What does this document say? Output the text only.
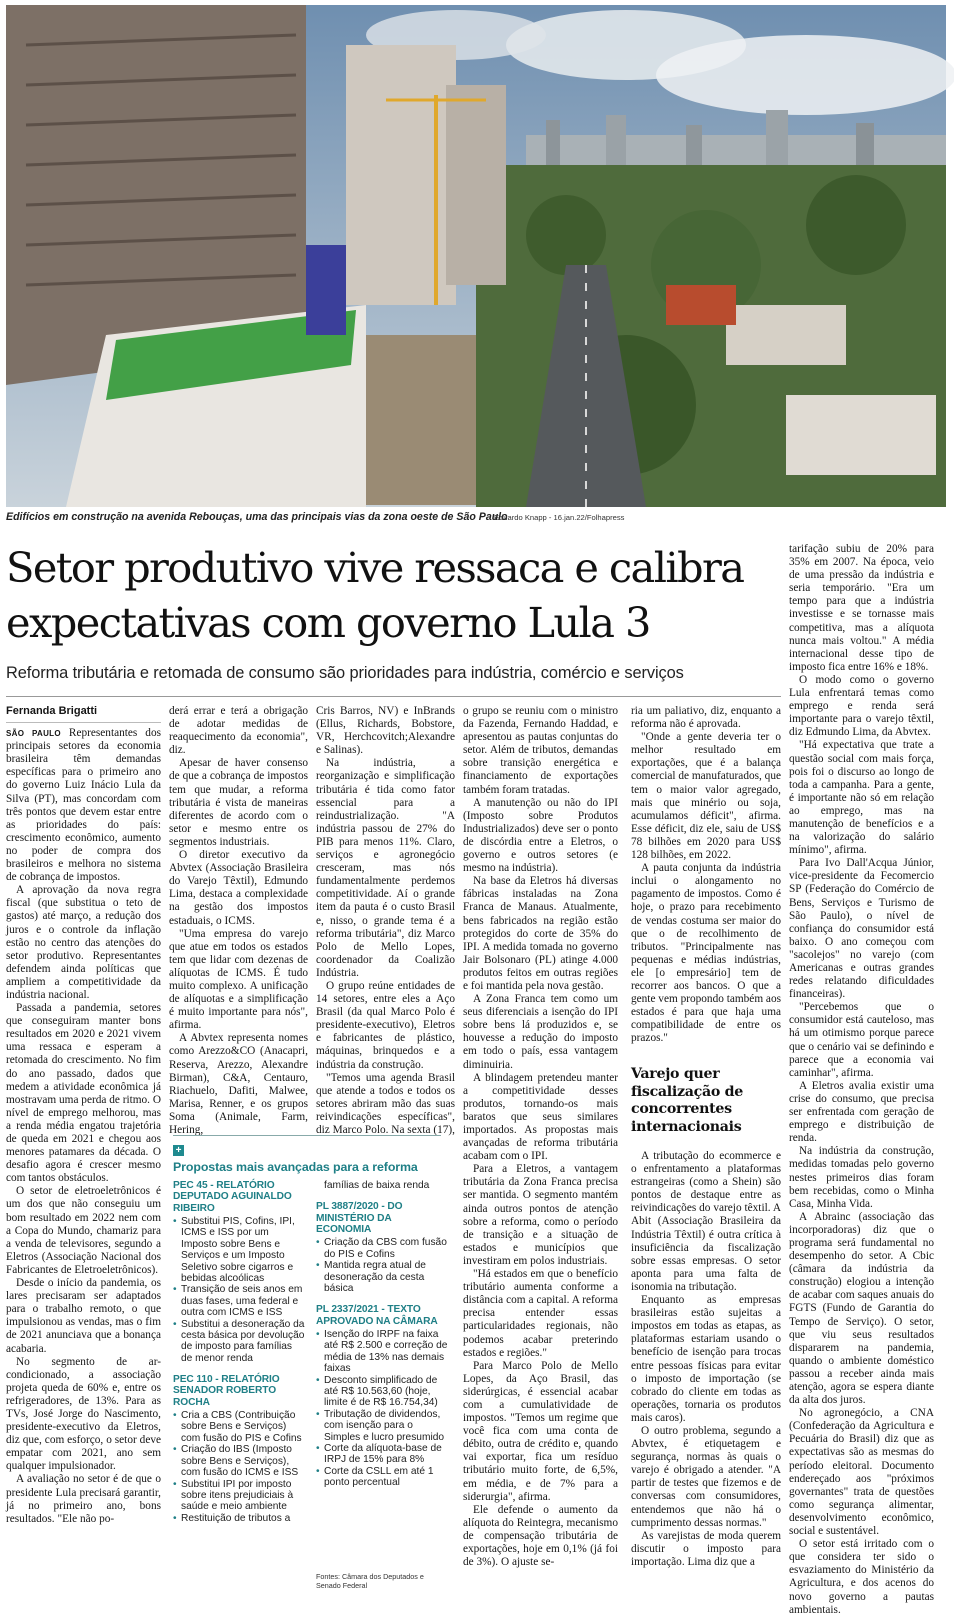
Edifícios em construção na avenida Rebouças, uma das principais vias da zona oeste de São Paulo
Eduardo Knapp - 16.jan.22/Folhapress
Setor produtivo vive ressaca e calibra
expectativas com governo Lula 3
Reforma tributária e retomada de consumo são prioridades para indústria, comércio e serviços
Fernanda Brigatti

SÃO PAULO Representantes dos principais setores da economia brasileira têm demandas específicas para o primeiro ano do governo Luiz Inácio Lula da Silva (PT), mas concordam com três pontos que devem estar entre as prioridades do país: crescimento econômico, aumento no poder de compra dos brasileiros e melhora no sistema de cobrança de impostos.

A aprovação da nova regra fiscal (que substitua o teto de gastos) até março, a redução dos juros e o controle da inflação estão no centro das atenções do setor produtivo. Representantes defendem ainda políticas que ampliem a competitividade da indústria nacional.

Passada a pandemia, setores que conseguiram manter bons resultados em 2020 e 2021 vivem uma ressaca e esperam a retomada do crescimento. No fim do ano passado, dados que medem a atividade econômica já mostravam uma perda de ritmo. O nível de emprego melhorou, mas a renda média engatou trajetória de queda em 2021 e chegou aos menores patamares da década. O desafio agora é crescer mesmo com tantos obstáculos.

O setor de eletroeletrônicos é um dos que não conseguiu um bom resultado em 2022 nem com a Copa do Mundo, chamariz para a venda de televisores, segundo a Eletros (Associação Nacional dos Fabricantes de Eletroeletrônicos).

Desde o início da pandemia, os lares precisaram ser adaptados para o trabalho remoto, o que impulsionou as vendas, mas o fim de 2021 anunciava que a bonança acabaria.

No segmento de ar-condicionado, a associação projeta queda de 60% e, entre os refrigeradores, de 13%. Para as TVs, José Jorge do Nascimento, presidente-executivo da Eletros, diz que, com esforço, o setor deve empatar com 2021, ano sem qualquer impulsionador.

A avaliação no setor é de que o presidente Lula precisará garantir, já no primeiro ano, bons resultados. "Ele não po-

derá errar e terá a obrigação de adotar medidas de reaquecimento da economia", diz.

Apesar de haver consenso de que a cobrança de impostos tem que mudar, a reforma tributária é vista de maneiras diferentes de acordo com o setor e mesmo entre os segmentos industriais.

O diretor executivo da Abvtex (Associação Brasileira do Varejo Têxtil), Edmundo Lima, destaca a complexidade na gestão dos impostos estaduais, o ICMS.

"Uma empresa do varejo que atue em todos os estados tem que lidar com dezenas de alíquotas de ICMS. É tudo muito complexo. A unificação de alíquotas e a simplificação é muito importante para nós", afirma.

A Abvtex representa nomes como Arezzo&CO (Anacapri, Reserva, Arezzo, Alexandre Birman), C&A, Centauro, Riachuelo, Dafiti, Malwee, Marisa, Renner, e os grupos Soma (Animale, Farm, Hering,

Cris Barros, NV) e InBrands (Ellus, Richards, Bobstore, VR, Herchcovitch;Alexandre e Salinas).

Na indústria, a reorganização e simplificação tributária é tida como fator essencial para a reindustrialização. "A indústria passou de 27% do PIB para menos 11%. Claro, serviços e agronegócio cresceram, mas nós fundamentalmente perdemos competitividade. Aí o grande item da pauta é o custo Brasil e, nisso, o grande tema é a reforma tributária", diz Marco Polo de Mello Lopes, coordenador da Coalizão Indústria.

O grupo reúne entidades de 14 setores, entre eles a Aço Brasil (da qual Marco Polo é presidente-executivo), Eletros e fabricantes de plástico, máquinas, brinquedos e a indústria da construção.

"Temos uma agenda Brasil que atende a todos e todos os setores abriram mão das suas reivindicações específicas", diz Marco Polo. Na sexta (17),

o grupo se reuniu com o ministro da Fazenda, Fernando Haddad, e apresentou as pautas conjuntas do setor. Além de tributos, demandas sobre transição energética e financiamento de exportações também foram tratadas.

A manutenção ou não do IPI (Imposto sobre Produtos Industrializados) deve ser o ponto de discórdia entre a Eletros, o governo e outros setores (e mesmo na indústria).

Na base da Eletros há diversas fábricas instaladas na Zona Franca de Manaus. Atualmente, bens fabricados na região estão protegidos do corte de 35% do IPI. A medida tomada no governo Jair Bolsonaro (PL) atinge 4.000 produtos feitos em outras regiões e foi mantida pela nova gestão.

A Zona Franca tem como um seus diferenciais a isenção do IPI sobre bens lá produzidos e, se houvesse a redução do imposto em todo o país, essa vantagem diminuiria.

A blindagem pretendeu manter a competitividade desses produtos, tornando-os mais baratos que seus similares importados. As propostas mais avançadas de reforma tributária acabam com o IPI.

Para a Eletros, a vantagem tributária da Zona Franca precisa ser mantida. O segmento mantém ainda outros pontos de atenção sobre a reforma, como o período de transição e a situação de estados e municípios que investiram em polos industriais.

"Há estados em que o benefício tributário aumenta conforme a distância com a capital. A reforma precisa entender essas particularidades regionais, não podemos acabar preterindo estados e regiões."

Para Marco Polo de Mello Lopes, da Aço Brasil, das siderúrgicas, é essencial acabar com a cumulatividade de impostos. "Temos um regime que você fica com uma conta de débito, outra de crédito e, quando vai exportar, fica um resíduo tributário muito forte, de 6,5%, em média, e de 7% para a siderurgia", afirma.

Ele defende o aumento da alíquota do Reintegra, mecanismo de compensação tributária de exportações, hoje em 0,1% (já foi de 3%). O ajuste se-

ria um paliativo, diz, enquanto a reforma não é aprovada.

"Onde a gente deveria ter o melhor resultado em exportações, que é a balança comercial de manufaturados, que tem o maior valor agregado, mais que minério ou soja, acumulamos déficit", afirma. Esse déficit, diz ele, saiu de US$ 78 bilhões em 2020 para US$ 128 bilhões, em 2022.

A pauta conjunta da indústria inclui o alongamento no pagamento de impostos. Como é hoje, o prazo para recebimento de vendas costuma ser maior do que o de recolhimento de tributos. "Principalmente nas pequenas e médias indústrias, ele [o empresário] tem de recorrer aos bancos. O que a gente vem propondo também aos estados é para que haja uma compatibilidade de entre os prazos."

Varejo quer fiscalização de concorrentes internacionais

A tributação do ecommerce e o enfrentamento a plataformas estrangeiras (como a Shein) são pontos de destaque entre as reivindicações do varejo têxtil. A Abit (Associação Brasileira da Indústria Têxtil) é outra crítica à insuficiência da fiscalização sobre essas empresas. O setor aponta para uma falta de isonomia na tributação.

Enquanto as empresas brasileiras estão sujeitas a impostos em todas as etapas, as plataformas estariam usando o benefício de isenção para trocas entre pessoas físicas para evitar o imposto de importação (se cobrado do cliente em todas as operações, tornaria os produtos mais caros).

O outro problema, segundo a Abvtex, é etiquetagem e segurança, normas às quais o varejo é obrigado a atender. "A partir de testes que fizemos e de conversas com consumidores, entendemos que não há o cumprimento dessas normas."

As varejistas de moda querem discutir o imposto para importação. Lima diz que a

tarifação subiu de 20% para 35% em 2007. Na época, veio de uma pressão da indústria e seria temporário. "Era um tempo para que a indústria investisse e se tornasse mais competitiva, mas a alíquota nunca mais voltou." A média internacional desse tipo de imposto fica entre 16% e 18%.

O modo como o governo Lula enfrentará temas como emprego e renda será importante para o varejo têxtil, diz Edmundo Lima, da Abvtex.

"Há expectativa que trate a questão social com mais força, pois foi o discurso ao longo de toda a campanha. Para a gente, é importante não só em relação ao emprego, mas na manutenção de benefícios e a na valorização do salário mínimo", afirma.

Para Ivo Dall'Acqua Júnior, vice-presidente da Fecomercio SP (Federação do Comércio de Bens, Serviços e Turismo de São Paulo), o nível de confiança do consumidor está baixo. O ano começou com "sacolejos" no varejo (com Americanas e outras grandes redes relatando dificuldades financeiras).

"Percebemos que o consumidor está cauteloso, mas há um otimismo porque parece que o cenário vai se definindo e parece que a economia vai caminhar", afirma.

A Eletros avalia existir uma crise do consumo, que precisa ser enfrentada com geração de emprego e distribuição de renda.

Na indústria da construção, medidas tomadas pelo governo nestes primeiros dias foram bem recebidas, como o Minha Casa, Minha Vida.

A Abrainc (associação das incorporadoras) diz que o programa será fundamental no desempenho do setor. A Cbic (câmara da indústria da construção) elogiou a intenção de acabar com saques anuais do FGTS (Fundo de Garantia do Tempo de Serviço). O setor, que viu seus resultados dispararem na pandemia, quando o ambiente doméstico passou a receber ainda mais atenção, agora se espera diante da alta dos juros.

No agronegócio, a CNA (Confederação da Agricultura e Pecuária do Brasil) diz que as expectativas são as mesmas do período eleitoral. Documento endereçado aos "próximos governantes" trata de questões como segurança alimentar, desenvolvimento econômico, social e sustentável.

O setor está irritado com o que considera ter sido o esvaziamento do Ministério da Agricultura, e dos acenos do novo governo a pautas ambientais.

+
Propostas mais avançadas para a reforma
PEC 45 - RELATÓRIO DEPUTADO AGUINALDO RIBEIRO
• Substitui PIS, Cofins, IPI, ICMS e ISS por um Imposto sobre Bens e Serviços e um Imposto Seletivo sobre cigarros e bebidas alcoólicas
• Transição de seis anos em duas fases, uma federal e outra com ICMS e ISS
• Substitui a desoneração da cesta básica por devolução de imposto para famílias de menor renda
PEC 110 - RELATÓRIO SENADOR ROBERTO ROCHA
• Cria a CBS (Contribuição sobre Bens e Serviços) com fusão do PIS e Cofins
• Criação do IBS (Imposto sobre Bens e Serviços), com fusão do ICMS e ISS
• Substitui IPI por imposto sobre itens prejudiciais à saúde e meio ambiente
• Restituição de tributos a
famílias de baixa renda
PL 3887/2020 - DO MINISTÉRIO DA ECONOMIA
• Criação da CBS com fusão do PIS e Cofins
• Mantida regra atual de desoneração da cesta básica
PL 2337/2021 - TEXTO APROVADO NA CÂMARA
• Isenção do IRPF na faixa até R$ 2.500 e correção de média de 13% nas demais faixas
• Desconto simplificado de até R$ 10.563,60 (hoje, limite é de R$ 16.754,34)
• Tributação de dividendos, com isenção para o Simples e lucro presumido
• Corte da alíquota-base de IRPJ de 15% para 8%
• Corte da CSLL em até 1 ponto percentual
Fontes: Câmara dos Deputados e Senado Federal
